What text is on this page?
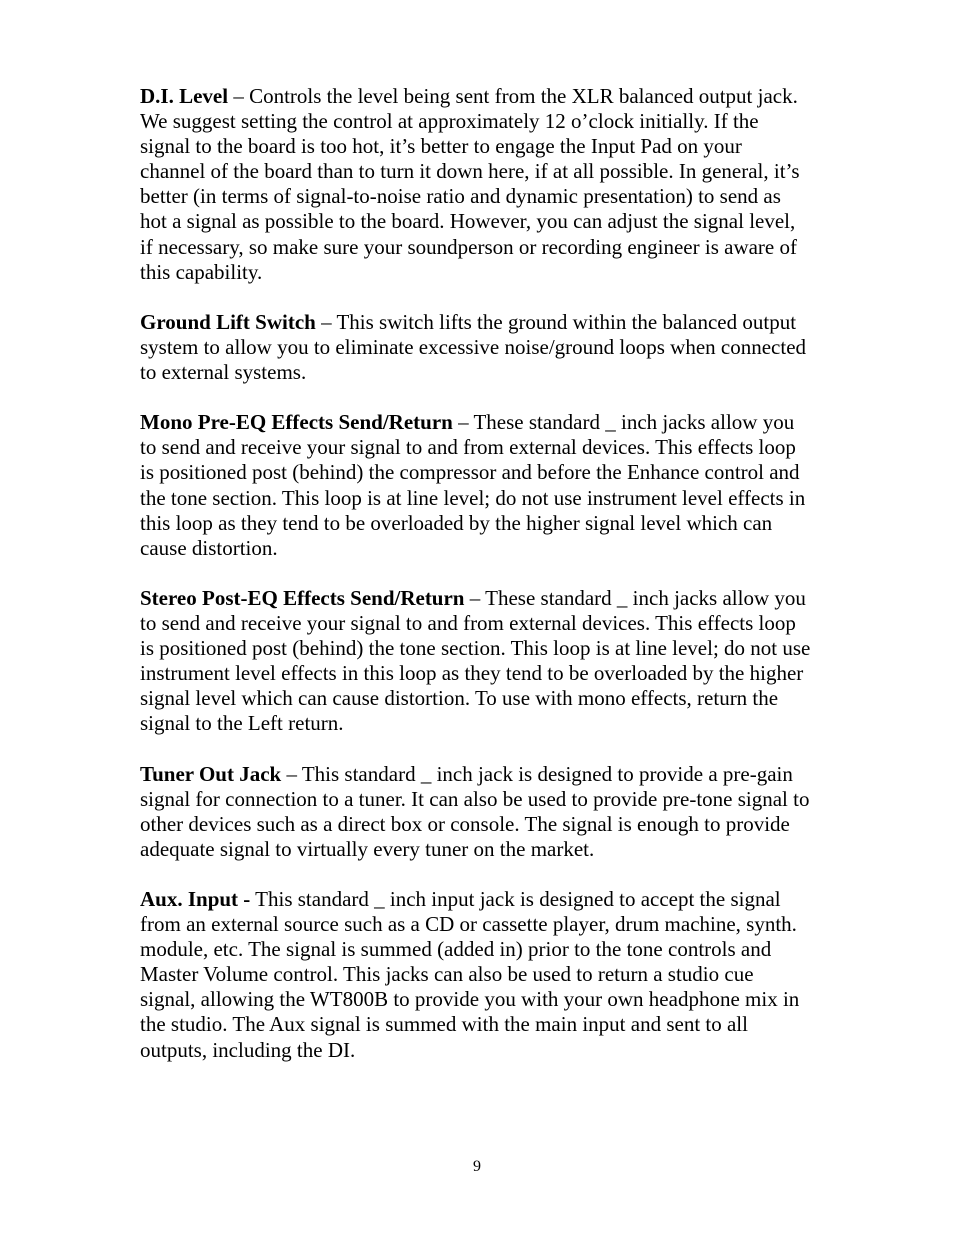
D.I. Level – Controls the level being sent from the XLR balanced output jack. We suggest setting the control at approximately 12 o’clock initially. If the signal to the board is too hot, it’s better to engage the Input Pad on your channel of the board than to turn it down here, if at all possible. In general, it’s better (in terms of signal-to-noise ratio and dynamic presentation) to send as hot a signal as possible to the board. However, you can adjust the signal level, if necessary, so make sure your soundperson or recording engineer is aware of this capability.

Ground Lift Switch – This switch lifts the ground within the balanced output system to allow you to eliminate excessive noise/ground loops when connected to external systems.

Mono Pre-EQ Effects Send/Return – These standard _ inch jacks allow you to send and receive your signal to and from external devices. This effects loop is positioned post (behind) the compressor and before the Enhance control and the tone section. This loop is at line level; do not use instrument level effects in this loop as they tend to be overloaded by the higher signal level which can cause distortion.

Stereo Post-EQ Effects Send/Return – These standard _ inch jacks allow you to send and receive your signal to and from external devices. This effects loop is positioned post (behind) the tone section. This loop is at line level; do not use instrument level effects in this loop as they tend to be overloaded by the higher signal level which can cause distortion. To use with mono effects, return the signal to the Left return.

Tuner Out Jack – This standard _ inch jack is designed to provide a pre-gain signal for connection to a tuner. It can also be used to provide pre-tone signal to other devices such as a direct box or console. The signal is enough to provide adequate signal to virtually every tuner on the market.

Aux. Input - This standard _ inch input jack is designed to accept the signal from an external source such as a CD or cassette player, drum machine, synth. module, etc. The signal is summed (added in) prior to the tone controls and Master Volume control. This jacks can also be used to return a studio cue signal, allowing the WT800B to provide you with your own headphone mix in the studio. The Aux signal is summed with the main input and sent to all outputs, including the DI.

9
